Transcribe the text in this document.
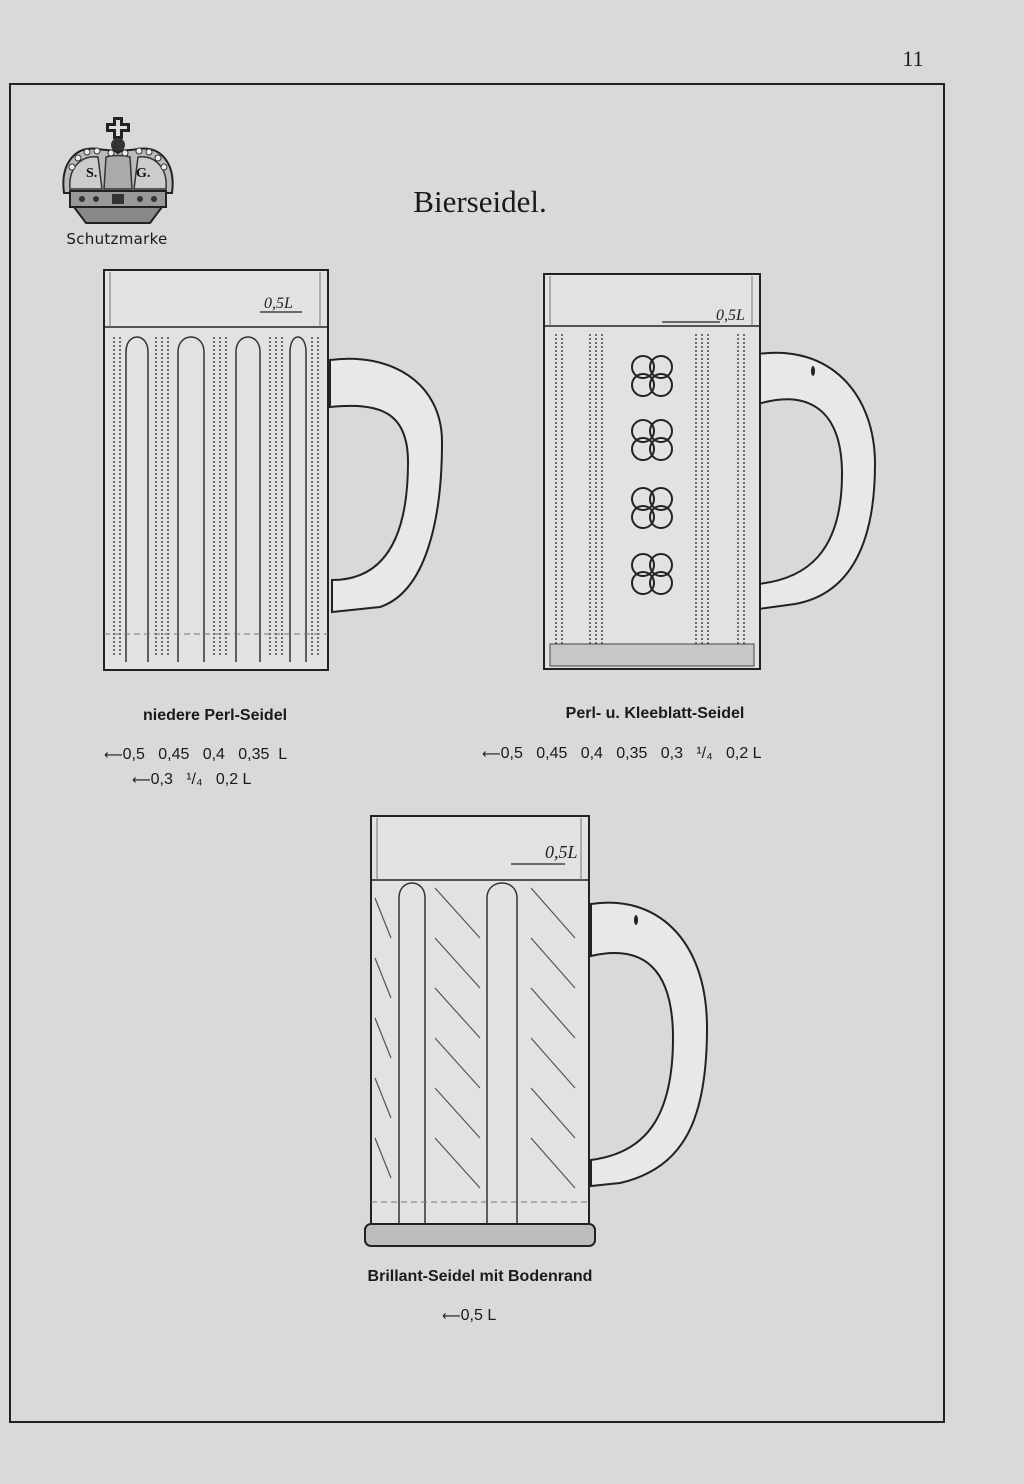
11
S.	G.
Schutzmarke
Bierseidel.
0,5L
0,5L
0,5L
niedere Perl-Seidel
⟵0,5   0,45   0,4   0,35  L
⟵0,3   ¹/₄   0,2 L
Perl- u. Kleeblatt-Seidel
⟵0,5   0,45   0,4   0,35   0,3   ¹/₄   0,2 L
Brillant-Seidel mit Bodenrand
⟵0,5 L
